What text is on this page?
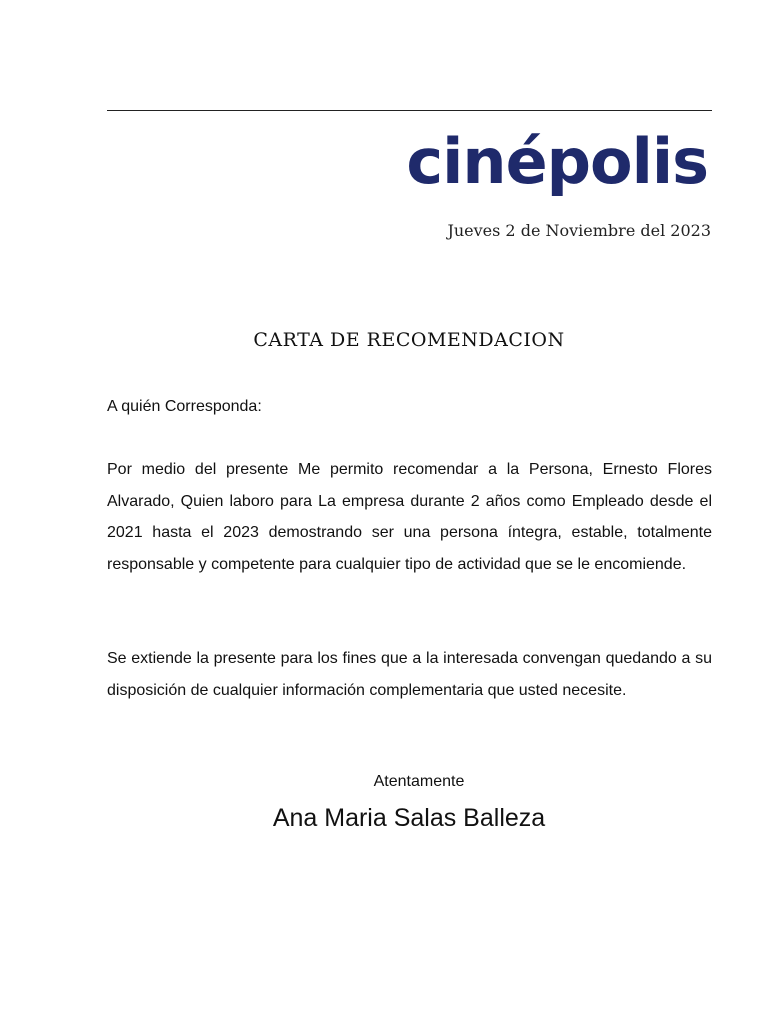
cinépolis
Jueves 2 de Noviembre del 2023
CARTA DE RECOMENDACION
A quién Corresponda:
Por medio del presente Me permito recomendar a la Persona, Ernesto Flores Alvarado, Quien laboro para La empresa durante 2 años como Empleado desde el 2021 hasta el 2023 demostrando ser una persona íntegra, estable, totalmente responsable y competente para cualquier tipo de actividad que se le encomiende.
Se extiende la presente para los fines que a la interesada convengan quedando a su disposición de cualquier información complementaria que usted necesite.
Atentamente
Ana Maria Salas Balleza
